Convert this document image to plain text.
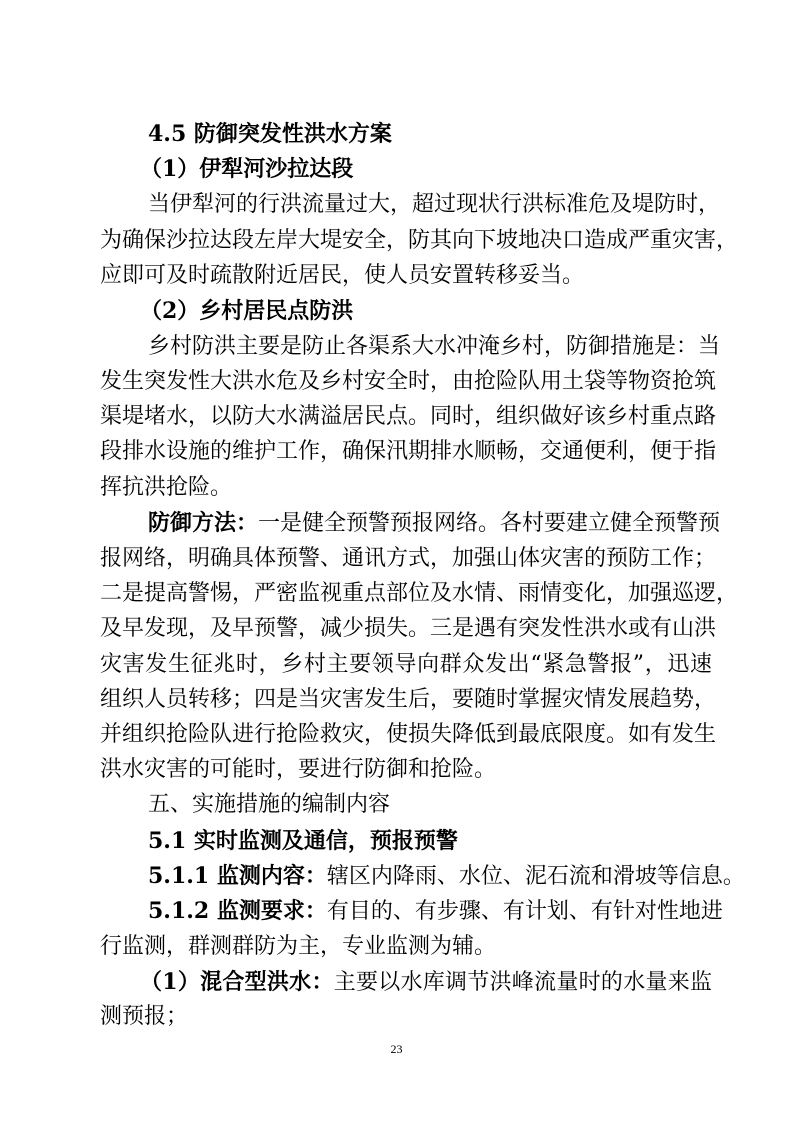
4.5 防御突发性洪水方案
（1）伊犁河沙拉达段
当伊犁河的行洪流量过大，超过现状行洪标准危及堤防时，
为确保沙拉达段左岸大堤安全，防其向下坡地决口造成严重灾害，
应即可及时疏散附近居民，使人员安置转移妥当。
（2）乡村居民点防洪
乡村防洪主要是防止各渠系大水冲淹乡村，防御措施是：当
发生突发性大洪水危及乡村安全时，由抢险队用土袋等物资抢筑
渠堤堵水，以防大水满溢居民点。同时，组织做好该乡村重点路
段排水设施的维护工作，确保汛期排水顺畅，交通便利，便于指
挥抗洪抢险。
防御方法：一是健全预警预报网络。各村要建立健全预警预
报网络，明确具体预警、通讯方式，加强山体灾害的预防工作；
二是提高警惕，严密监视重点部位及水情、雨情变化，加强巡逻，
及早发现，及早预警，减少损失。三是遇有突发性洪水或有山洪
灾害发生征兆时，乡村主要领导向群众发出“紧急警报”，迅速
组织人员转移；四是当灾害发生后，要随时掌握灾情发展趋势，
并组织抢险队进行抢险救灾，使损失降低到最底限度。如有发生
洪水灾害的可能时，要进行防御和抢险。
五、实施措施的编制内容
5.1 实时监测及通信，预报预警
5.1.1 监测内容：辖区内降雨、水位、泥石流和滑坡等信息。
5.1.2 监测要求：有目的、有步骤、有计划、有针对性地进
行监测，群测群防为主，专业监测为辅。
（1）混合型洪水：主要以水库调节洪峰流量时的水量来监
测预报；
23
